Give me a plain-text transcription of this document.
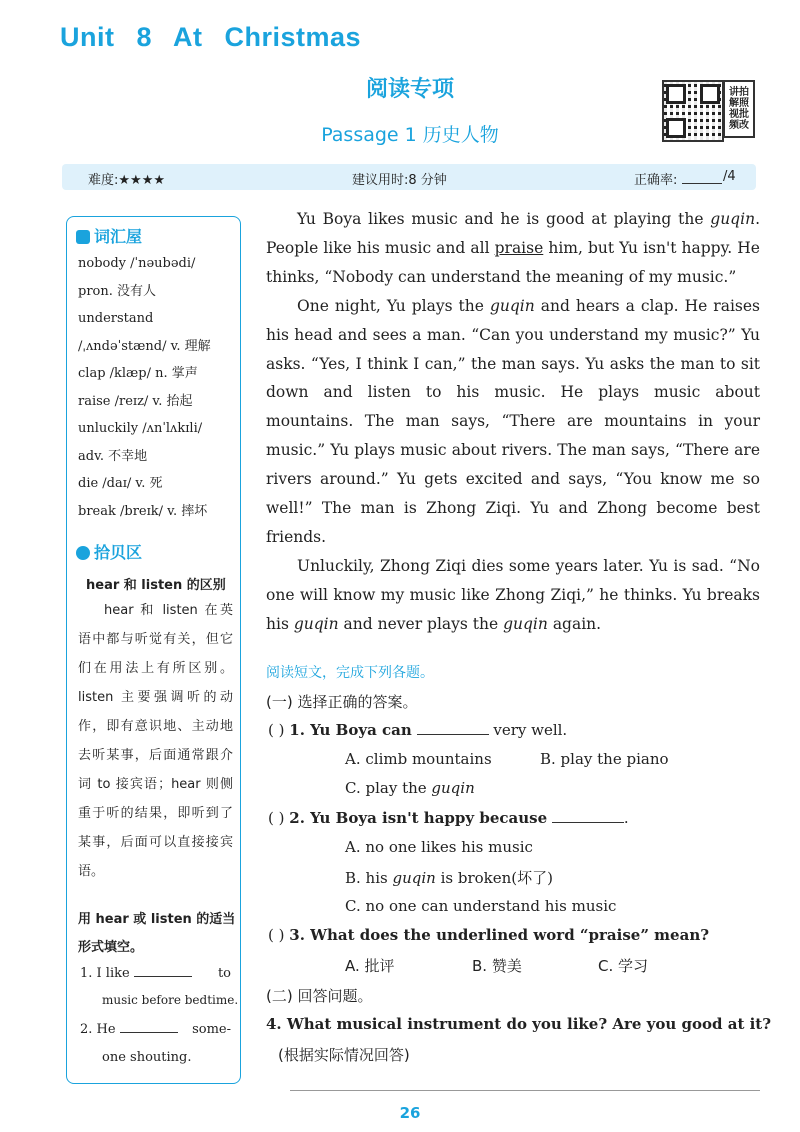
Unit 8 At Christmas
阅读专项
Passage 1 历史人物
讲拍解照视批频改
难度:★★★★	建议用时:8 分钟	正确率:	/4
词汇屋
nobody /ˈnəubədi/
pron. 没有人
understand
/ˌʌndəˈstænd/ v. 理解
clap /klæp/ n. 掌声
raise /reɪz/ v. 抬起
unluckily /ʌnˈlʌkɪli/
adv. 不幸地
die /daɪ/ v. 死
break /breɪk/ v. 摔坏
拾贝区
hear 和 listen 的区别
hear 和 listen 在英语中都与听觉有关，但它们在用法上有所区别。listen 主要强调听的动作，即有意识地、主动地去听某事，后面通常跟介词 to 接宾语；hear 则侧重于听的结果，即听到了某事，后面可以直接接宾语。
用 hear 或 listen 的适当形式填空。
1. I like	to
music before bedtime.
2. He	some-
one shouting.

Yu Boya likes music and he is good at playing the guqin. People like his music and all praise him, but Yu isn't happy. He thinks, “Nobody can understand the meaning of my music.”

One night, Yu plays the guqin and hears a clap. He raises his head and sees a man. “Can you understand my music?” Yu asks. “Yes, I think I can,” the man says. Yu asks the man to sit down and listen to his music. He plays music about mountains. The man says, “There are mountains in your music.” Yu plays music about rivers. The man says, “There are rivers around.” Yu gets excited and says, “You know me so well!” The man is Zhong Ziqi. Yu and Zhong become best friends.

Unluckily, Zhong Ziqi dies some years later. Yu is sad. “No one will know my music like Zhong Ziqi,” he thinks. Yu breaks his guqin and never plays the guqin again.

阅读短文，完成下列各题。
(一) 选择正确的答案。
( ) 1. Yu Boya can	very well.
A. climb mountains	B. play the piano
C. play the guqin
( ) 2. Yu Boya isn't happy because	.
A. no one likes his music
B. his guqin is broken(坏了)
C. no one can understand his music
( ) 3. What does the underlined word “praise” mean?
A. 批评	B. 赞美	C. 学习
(二) 回答问题。
4. What musical instrument do you like? Are you good at it?
(根据实际情况回答)
26
